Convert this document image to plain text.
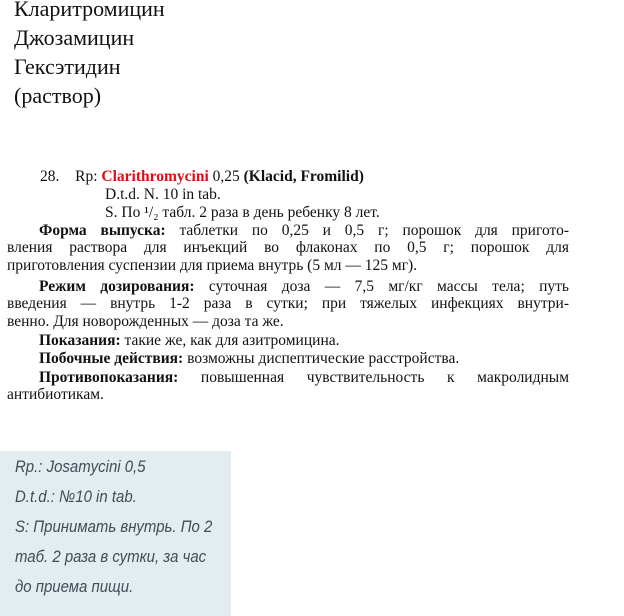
Кларитромицин
Джозамицин
Гексэтидин
(раствор)
28. Rp: Clarithromycini 0,25 (Klacid, Fromilid)
D.t.d. N. 10 in tab.
S. По ¹/₂ табл. 2 раза в день ребенку 8 лет.
Форма выпуска: таблетки по 0,25 и 0,5 г; порошок для пригото-
вления раствора для инъекций во флаконах по 0,5 г; порошок для
приготовления суспензии для приема внутрь (5 мл — 125 мг).
Режим дозирования: суточная доза — 7,5 мг/кг массы тела; путь
введения — внутрь 1-2 раза в сутки; при тяжелых инфекциях внутри-
венно. Для новорожденных — доза та же.
Показания: такие же, как для азитромицина.
Побочные действия: возможны диспептические расстройства.
Противопоказания: повышенная чувствительность к макролидным
антибиотикам.
Rp.: Josamycini 0,5
D.t.d.: №10 in tab.
S: Принимать внутрь. По 2
таб. 2 раза в сутки, за час
до приема пищи.
